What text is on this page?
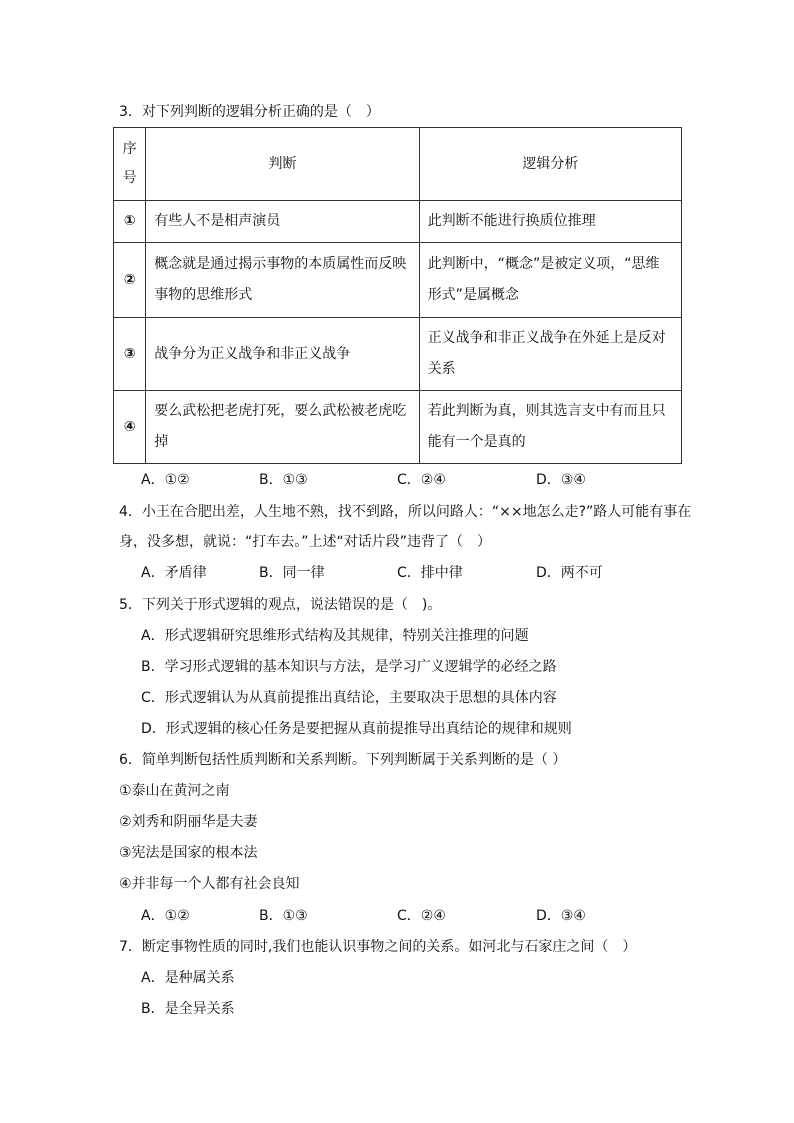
3．对下列判断的逻辑分析正确的是（　）
序号	判断	逻辑分析
①	有些人不是相声演员	此判断不能进行换质位推理
②	概念就是通过揭示事物的本质属性而反映事物的思维形式	此判断中，“概念”是被定义项，“思维形式”是属概念
③	战争分为正义战争和非正义战争	正义战争和非正义战争在外延上是反对关系
④	要么武松把老虎打死，要么武松被老虎吃掉	若此判断为真，则其选言支中有而且只能有一个是真的
A．①②	B．①③	C．②④	D．③④
4．小王在合肥出差，人生地不熟，找不到路，所以问路人：“××地怎么走?”路人可能有事在
身，没多想，就说：“打车去。”上述“对话片段”违背了（　）
A．矛盾律	B．同一律	C．排中律	D．两不可
5．下列关于形式逻辑的观点，说法错误的是（　)。
A．形式逻辑研究思维形式结构及其规律，特别关注推理的问题
B．学习形式逻辑的基本知识与方法，是学习广义逻辑学的必经之路
C．形式逻辑认为从真前提推出真结论，主要取决于思想的具体内容
D．形式逻辑的核心任务是要把握从真前提推导出真结论的规律和规则
6．简单判断包括性质判断和关系判断。下列判断属于关系判断的是（ ）
①泰山在黄河之南
②刘秀和阴丽华是夫妻
③宪法是国家的根本法
④并非每一个人都有社会良知
A．①②	B．①③	C．②④	D．③④
7．断定事物性质的同时,我们也能认识事物之间的关系。如河北与石家庄之间（　）
A．是种属关系
B．是全异关系
